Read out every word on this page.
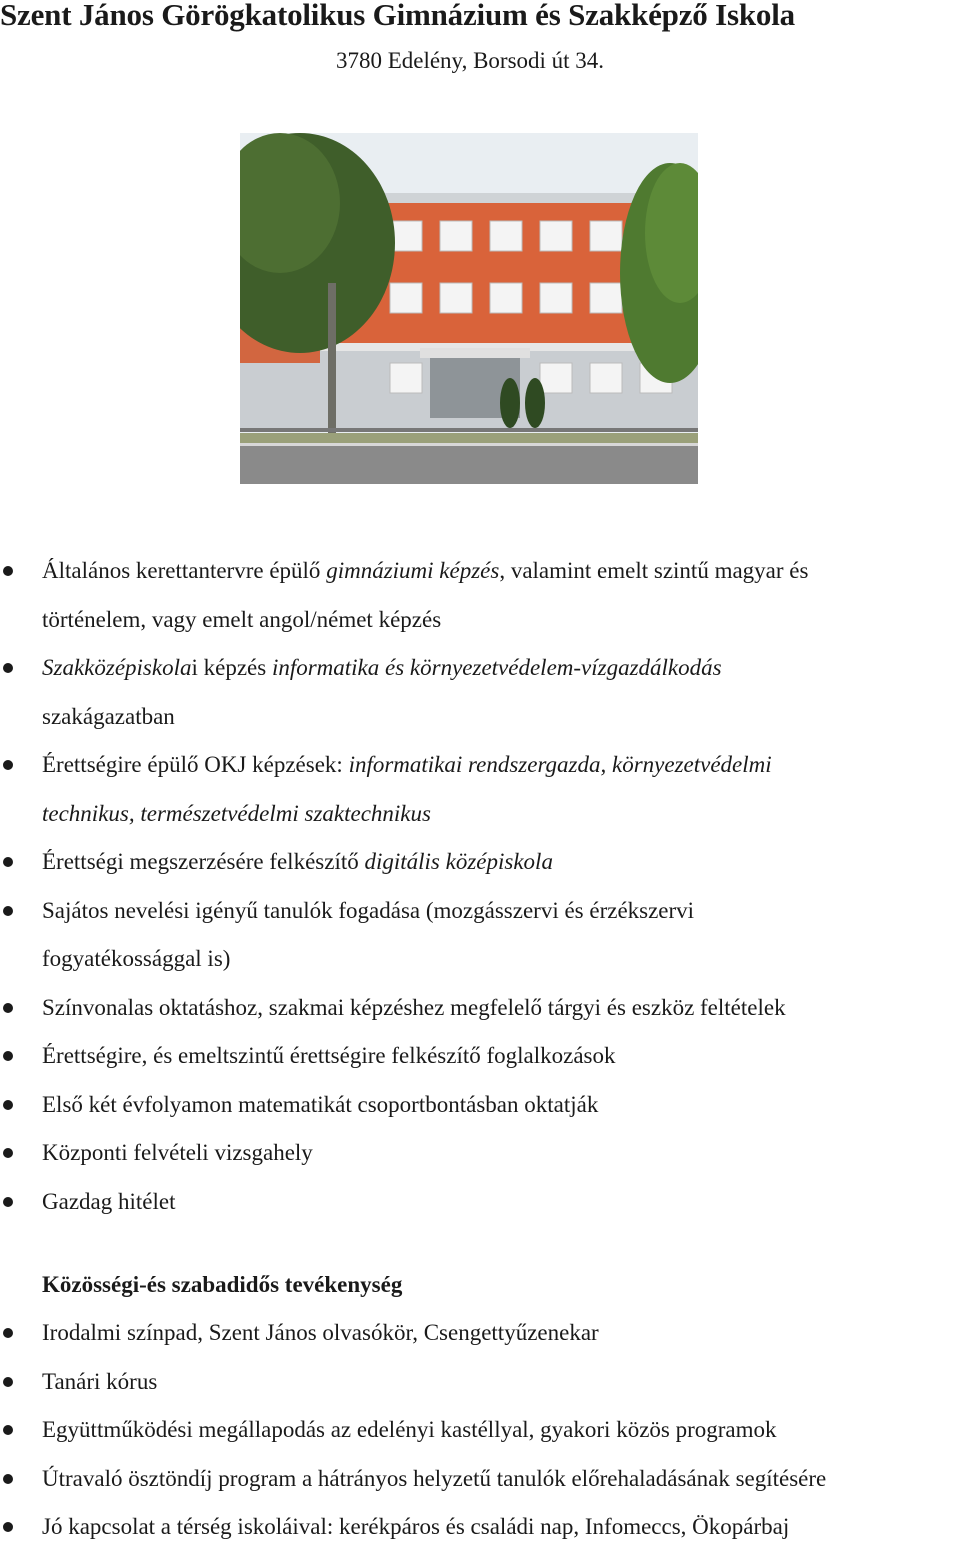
Szent János Görögkatolikus Gimnázium és Szakképző Iskola
3780 Edelény, Borsodi út 34.
Általános kerettantervre épülő gimnáziumi képzés, valamint emelt szintű magyar és
történelem, vagy emelt angol/német képzés
Szakközépiskolai képzés informatika és környezetvédelem-vízgazdálkodás
szakágazatban
Érettségire épülő OKJ képzések: informatikai rendszergazda, környezetvédelmi
technikus, természetvédelmi szaktechnikus
Érettségi megszerzésére felkészítő digitális középiskola
Sajátos nevelési igényű tanulók fogadása (mozgásszervi és érzékszervi
fogyatékossággal is)
Színvonalas oktatáshoz, szakmai képzéshez megfelelő tárgyi és eszköz feltételek
Érettségire, és emeltszintű érettségire felkészítő foglalkozások
Első két évfolyamon matematikát csoportbontásban oktatják
Központi felvételi vizsgahely
Gazdag hitélet
Közösségi-és szabadidős tevékenység
Irodalmi színpad, Szent János olvasókör, Csengettyűzenekar
Tanári kórus
Együttműködési megállapodás az edelényi kastéllyal, gyakori közös programok
Útravaló ösztöndíj program a hátrányos helyzetű tanulók előrehaladásának segítésére
Jó kapcsolat a térség iskoláival: kerékpáros és családi nap, Infomeccs, Ökopárbaj
